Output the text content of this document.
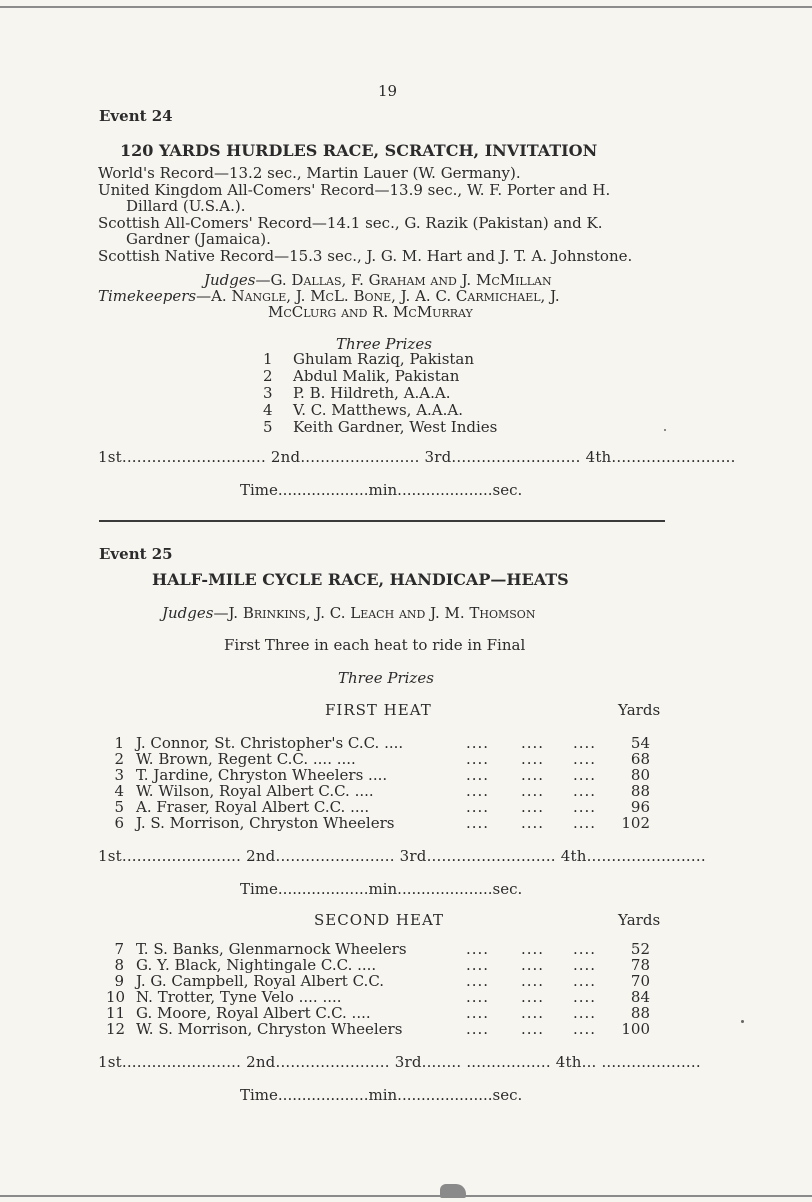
19
Event 24
120 YARDS HURDLES RACE, SCRATCH, INVITATION
World's Record—13.2 sec., Martin Lauer (W. Germany).
United Kingdom All-Comers' Record—13.9 sec., W. F. Porter and H.
Dillard (U.S.A.).
Scottish All-Comers' Record—14.1 sec., G. Razik (Pakistan) and K.
Gardner (Jamaica).
Scottish Native Record—15.3 sec., J. G. M. Hart and J. T. A. Johnstone.
Judges—G. Dallas, F. Graham and J. McMillan
Timekeepers—A. Nangle, J. McL. Bone, J. A. C. Carmichael, J.
McClurg and R. McMurray
Three Prizes
1	Ghulam Raziq, Pakistan
2	Abdul Malik, Pakistan
3	P. B. Hildreth, A.A.A.
4	V. C. Matthews, A.A.A.
5	Keith Gardner, West Indies
1st............................. 2nd........................ 3rd.......................... 4th.........................
Time...................min....................sec.
Event 25
HALF-MILE CYCLE RACE, HANDICAP—HEATS
Judges—J. Brinkins, J. C. Leach and J. M. Thomson
First Three in each heat to ride in Final
Three Prizes
FIRST HEAT	Yards
1 J. Connor, St. Christopher's C.C. ....	.... .... ....	54
2 W. Brown, Regent C.C. .... ....	.... .... ....	68
3 T. Jardine, Chryston Wheelers ....	.... .... ....	80
4 W. Wilson, Royal Albert C.C. ....	.... .... ....	88
5 A. Fraser, Royal Albert C.C. ....	.... .... ....	96
6 J. S. Morrison, Chryston Wheelers	.... .... .... 102
1st........................ 2nd........................ 3rd.......................... 4th........................
Time...................min....................sec.
SECOND HEAT	Yards
7 T. S. Banks, Glenmarnock Wheelers	.... .... ....	52
8 G. Y. Black, Nightingale C.C. ....	.... .... ....	78
9 J. G. Campbell, Royal Albert C.C.	.... .... ....	70
10 N. Trotter, Tyne Velo .... ....	.... .... ....	84
11 G. Moore, Royal Albert C.C. ....	.... .... ....	88
12 W. S. Morrison, Chryston Wheelers	.... .... .... 100
1st........................ 2nd....................... 3rd........ ................. 4th... ....................
Time...................min....................sec.
